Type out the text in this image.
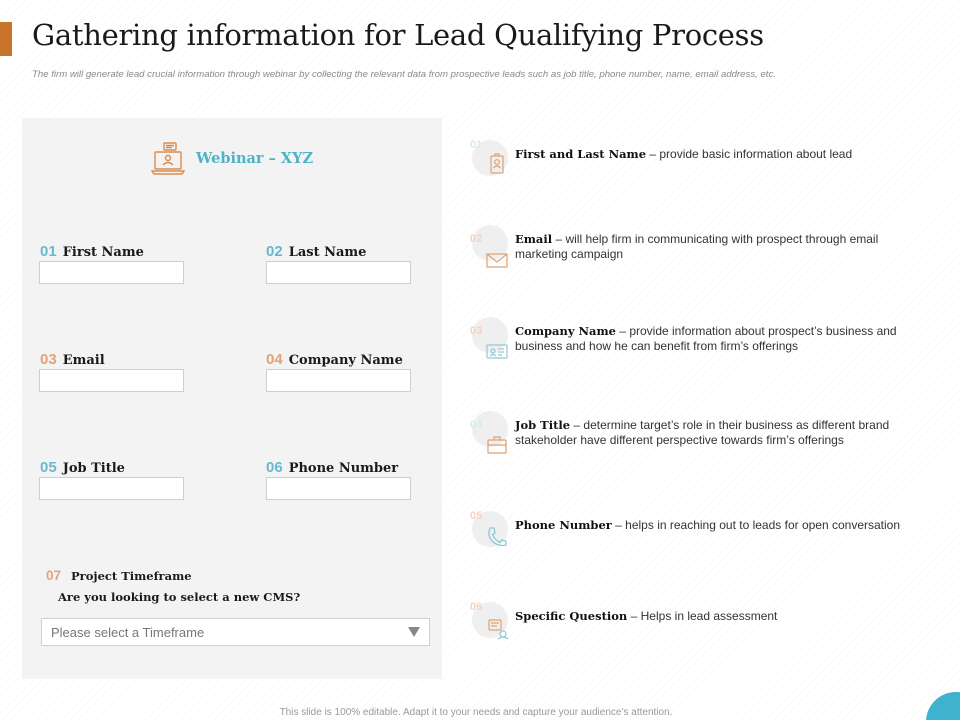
Gathering information for Lead Qualifying Process

The firm will generate lead crucial information through webinar by collecting the relevant data from prospective leads such as job title, phone number, name, email address, etc.

Webinar – XYZ
01 First Name	02 Last Name
03 Email	04 Company Name
05 Job Title	06 Phone Number
07 Project Timeframe
Are you looking to select a new CMS?
Please select a Timeframe
01
First and Last Name – provide basic information about lead
02	Email – will help firm in communicating with prospect through email marketing campaign
03	Company Name – provide information about prospect’s business and business and how he can benefit from firm’s offerings
04	Job Title – determine target’s role in their business as different brand stakeholder have different perspective towards firm’s offerings
05
Phone Number – helps in reaching out to leads for open conversation
06
Specific Question – Helps in lead assessment
This slide is 100% editable. Adapt it to your needs and capture your audience’s attention.
